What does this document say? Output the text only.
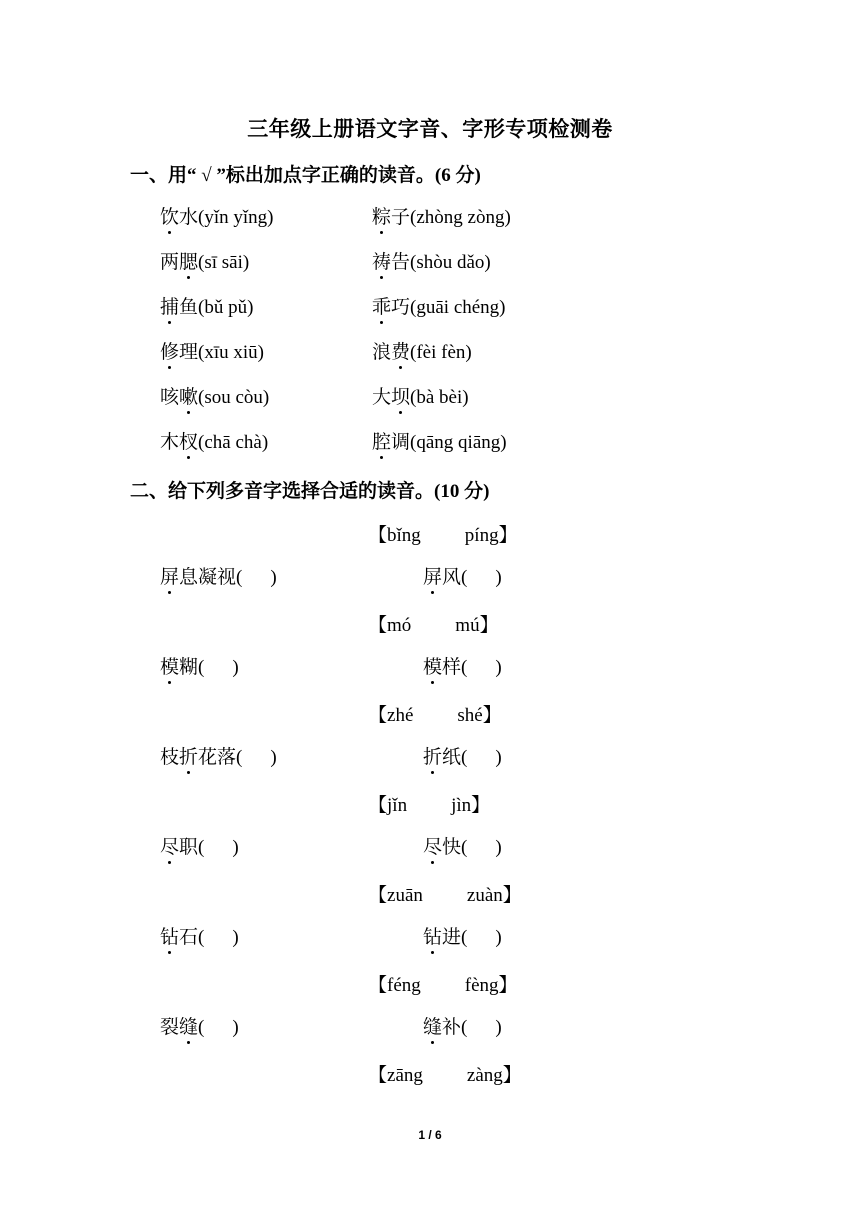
三年级上册语文字音、字形专项检测卷
一、用“ √ ”标出加点字正确的读音。(6 分)
饮水(yǐn yǐng)	粽子(zhòng zòng)
两腮(sī sāi)	祷告(shòu dǎo)
捕鱼(bǔ pǔ)	乖巧(guāi chéng)
修理(xīu xiū)	浪费(fèi fèn)
咳嗽(sou còu)	大坝(bà bèi)
木杈(chā chà)	腔调(qāng qiāng)
二、给下列多音字选择合适的读音。(10 分)
【bǐng píng】
屏息凝视( )	屏风( )
【mó mú】
模糊( )	模样( )
【zhé shé】
枝折花落( )	折纸( )
【jǐn jìn】
尽职( )	尽快( )
【zuān zuàn】
钻石( )	钻进( )
【féng fèng】
裂缝( )	缝补( )
【zāng zàng】
1 / 6
